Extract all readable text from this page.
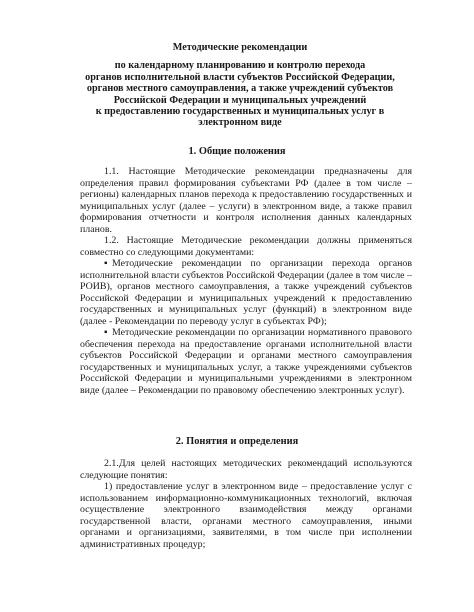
Методические рекомендации
по календарному планированию и контролю перехода
органов исполнительной власти субъектов Российской Федерации,
органов местного самоуправления, а также учреждений субъектов
Российской Федерации и муниципальных учреждений
к предоставлению государственных и муниципальных услуг в
электронном виде
1. Общие положения

1.1. Настоящие Методические рекомендации предназначены для определения правил формирования субъектами РФ (далее в том числе – регионы) календарных планов перехода к предоставлению государственных и муниципальных услуг (далее – услуги) в электронном виде, а также правил формирования отчетности и контроля исполнения данных календарных планов.

1.2. Настоящие Методические рекомендации должны применяться совместно со следующими документами:

▪ Методические рекомендации по организации перехода органов исполнительной власти субъектов Российской Федерации (далее в том числе – РОИВ), органов местного самоуправления, а также учреждений субъектов Российской Федерации и муниципальных учреждений к предоставлению государственных и муниципальных услуг (функций) в электронном виде (далее - Рекомендации по переводу услуг в субъектах РФ);

▪ Методические рекомендации по организации нормативного правового обеспечения перехода на предоставление органами исполнительной власти субъектов Российской Федерации и органами местного самоуправления государственных и муниципальных услуг, а также учреждениями субъектов Российской Федерации и муниципальными учреждениями в электронном виде (далее – Рекомендации по правовому обеспечению электронных услуг).

2. Понятия и определения

2.1.Для целей настоящих методических рекомендаций используются следующие понятия:

1) предоставление услуг в электронном виде – предоставление услуг с использованием информационно-коммуникационных технологий, включая осуществление электронного взаимодействия между органами государственной власти, органами местного самоуправления, иными органами и организациями, заявителями, в том числе при исполнении административных процедур;
